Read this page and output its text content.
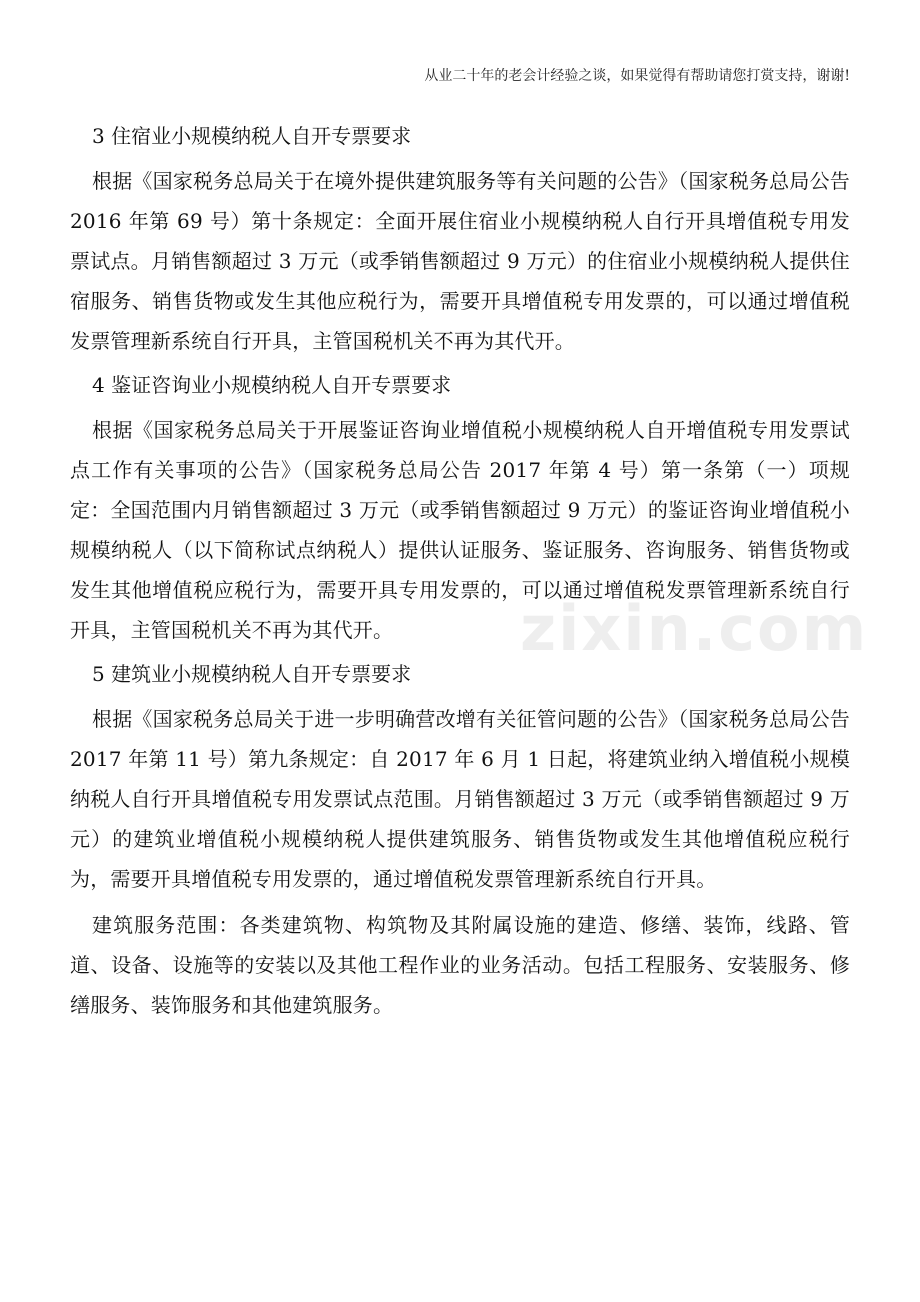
从业二十年的老会计经验之谈，如果觉得有帮助请您打赏支持，谢谢!
zixin.com
3 住宿业小规模纳税人自开专票要求

根据《国家税务总局关于在境外提供建筑服务等有关问题的公告》（国家税务总局公告 2016 年第 69 号）第十条规定：全面开展住宿业小规模纳税人自行开具增值税专用发票试点。月销售额超过 3 万元（或季销售额超过 9 万元）的住宿业小规模纳税人提供住宿服务、销售货物或发生其他应税行为，需要开具增值税专用发票的，可以通过增值税发票管理新系统自行开具，主管国税机关不再为其代开。

4 鉴证咨询业小规模纳税人自开专票要求

根据《国家税务总局关于开展鉴证咨询业增值税小规模纳税人自开增值税专用发票试点工作有关事项的公告》（国家税务总局公告 2017 年第 4 号）第一条第（一）项规定：全国范围内月销售额超过 3 万元（或季销售额超过 9 万元）的鉴证咨询业增值税小规模纳税人（以下简称试点纳税人）提供认证服务、鉴证服务、咨询服务、销售货物或发生其他增值税应税行为，需要开具专用发票的，可以通过增值税发票管理新系统自行开具，主管国税机关不再为其代开。

5 建筑业小规模纳税人自开专票要求

根据《国家税务总局关于进一步明确营改增有关征管问题的公告》（国家税务总局公告 2017 年第 11 号）第九条规定：自 2017 年 6 月 1 日起，将建筑业纳入增值税小规模纳税人自行开具增值税专用发票试点范围。月销售额超过 3 万元（或季销售额超过 9 万元）的建筑业增值税小规模纳税人提供建筑服务、销售货物或发生其他增值税应税行为，需要开具增值税专用发票的，通过增值税发票管理新系统自行开具。

建筑服务范围：各类建筑物、构筑物及其附属设施的建造、修缮、装饰，线路、管道、设备、设施等的安装以及其他工程作业的业务活动。包括工程服务、安装服务、修缮服务、装饰服务和其他建筑服务。
